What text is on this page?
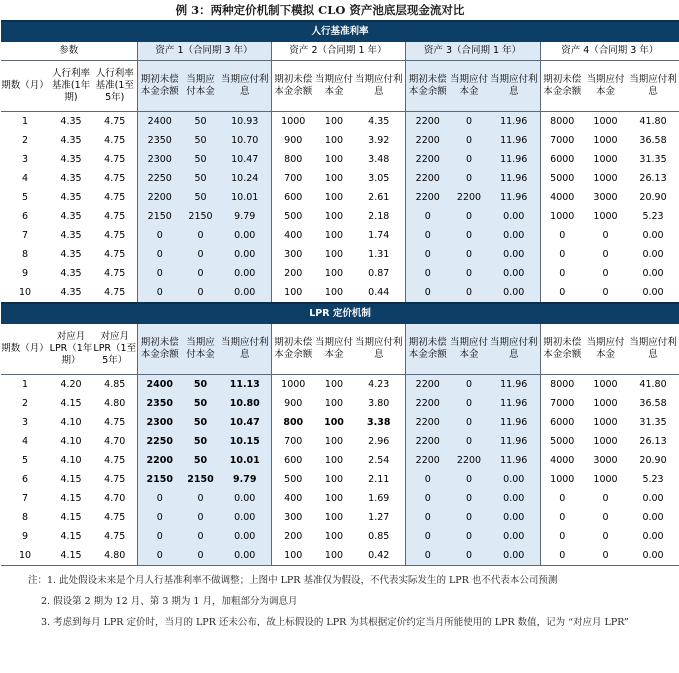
例 3：两种定价机制下模拟 CLO 资产池底层现金流对比
人行基准利率														
参数			资产 1（合同期 3 年）			资产 2（合同期 1 年）			资产 3（合同期 1 年）			资产 4（合同期 3 年）		
期数（月）	人行利率基准(1年期)	人行利率基准(1至5年)	期初未偿本金余额	当期应付本金	当期应付利息	期初未偿本金余额	当期应付本金	当期应付利息	期初未偿本金余额	当期应付本金	当期应付利息	期初未偿本金余额	当期应付本金	当期应付利息
1	4.35	4.75	2400	50	10.93	1000	100	4.35	2200	0	11.96	8000	1000	41.80
2	4.35	4.75	2350	50	10.70	900	100	3.92	2200	0	11.96	7000	1000	36.58
3	4.35	4.75	2300	50	10.47	800	100	3.48	2200	0	11.96	6000	1000	31.35
4	4.35	4.75	2250	50	10.24	700	100	3.05	2200	0	11.96	5000	1000	26.13
5	4.35	4.75	2200	50	10.01	600	100	2.61	2200	2200	11.96	4000	3000	20.90
6	4.35	4.75	2150	2150	9.79	500	100	2.18	0	0	0.00	1000	1000	5.23
7	4.35	4.75	0	0	0.00	400	100	1.74	0	0	0.00	0	0	0.00
8	4.35	4.75	0	0	0.00	300	100	1.31	0	0	0.00	0	0	0.00
9	4.35	4.75	0	0	0.00	200	100	0.87	0	0	0.00	0	0	0.00
10	4.35	4.75	0	0	0.00	100	100	0.44	0	0	0.00	0	0	0.00
LPR 定价机制														
期数（月）	对应月LPR（1年期）	对应月LPR（1至5年）	期初未偿本金余额	当期应付本金	当期应付利息	期初未偿本金余额	当期应付本金	当期应付利息	期初未偿本金余额	当期应付本金	当期应付利息	期初未偿本金余额	当期应付本金	当期应付利息
1	4.20	4.85	2400	50	11.13	1000	100	4.23	2200	0	11.96	8000	1000	41.80
2	4.15	4.80	2350	50	10.80	900	100	3.80	2200	0	11.96	7000	1000	36.58
3	4.10	4.75	2300	50	10.47	800	100	3.38	2200	0	11.96	6000	1000	31.35
4	4.10	4.70	2250	50	10.15	700	100	2.96	2200	0	11.96	5000	1000	26.13
5	4.10	4.75	2200	50	10.01	600	100	2.54	2200	2200	11.96	4000	3000	20.90
6	4.15	4.75	2150	2150	9.79	500	100	2.11	0	0	0.00	1000	1000	5.23
7	4.15	4.70	0	0	0.00	400	100	1.69	0	0	0.00	0	0	0.00
8	4.15	4.75	0	0	0.00	300	100	1.27	0	0	0.00	0	0	0.00
9	4.15	4.75	0	0	0.00	200	100	0.85	0	0	0.00	0	0	0.00
10	4.15	4.80	0	0	0.00	100	100	0.42	0	0	0.00	0	0	0.00

注：1. 此处假设未来是个月人行基准利率不做调整；上图中 LPR 基准仅为假设，不代表实际发生的 LPR 也不代表本公司预测

2. 假设第 2 期为 12 月、第 3 期为 1 月，加粗部分为调息月

3. 考虑到每月 LPR 定价时，当月的 LPR 还未公布，故上标假设的 LPR 为其根据定价约定当月所能使用的 LPR 数值，记为 “对应月 LPR”
